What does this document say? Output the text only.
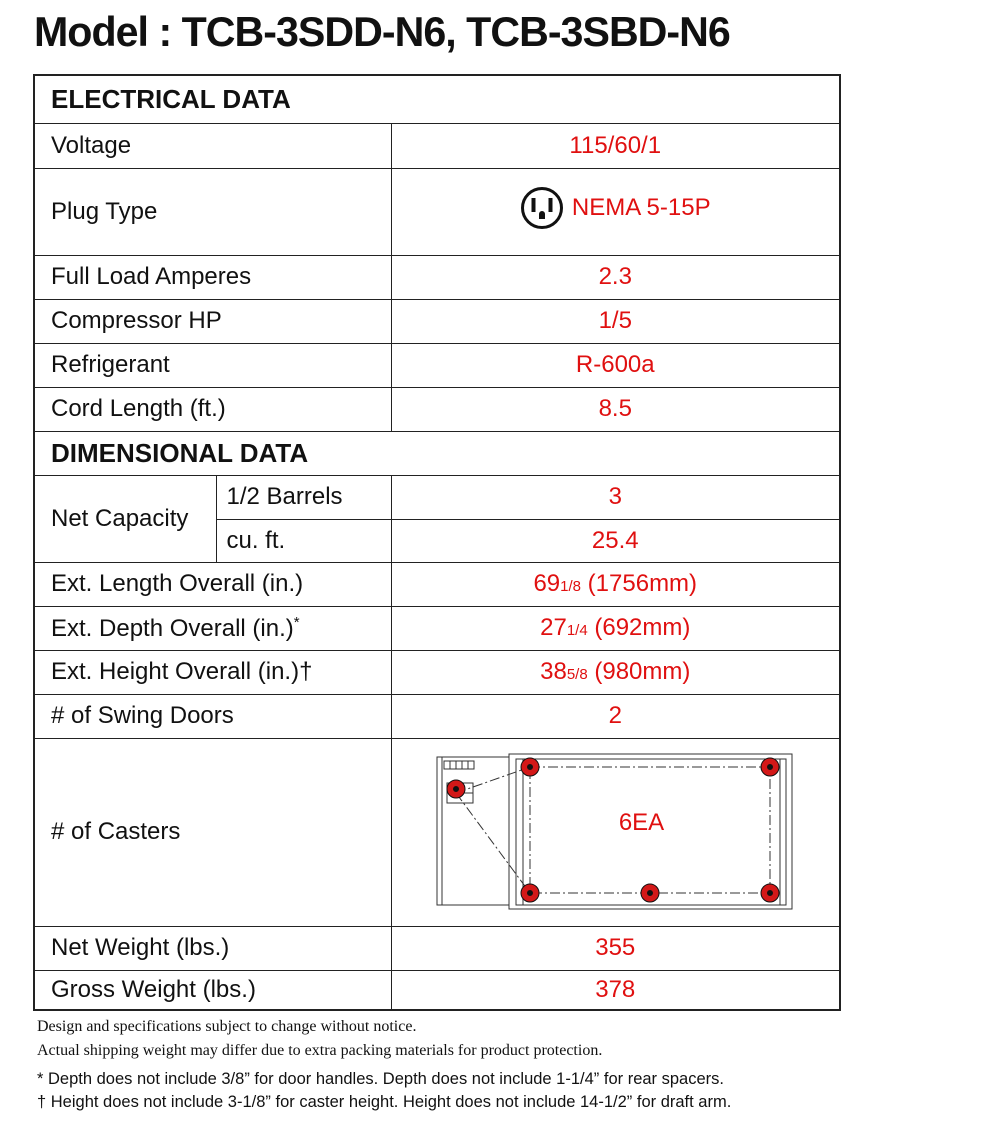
Model : TCB-3SDD-N6, TCB-3SBD-N6
ELECTRICAL DATA		
Voltage		115/60/1
Plug Type		NEMA 5-15P

Full Load Amperes		2.3
Compressor HP		1/5
Refrigerant		R-600a
Cord Length (ft.)		8.5
DIMENSIONAL DATA		
Net Capacity	1/2 Barrels	3
	cu. ft.	25.4
Ext. Length Overall (in.)		691/8 (1756mm)
Ext. Depth Overall (in.)*		271/4 (692mm)
Ext. Height Overall (in.)†		385/8 (980mm)
# of Swing Doors		2
# of Casters		6EA

Net Weight (lbs.)		355
Gross Weight (lbs.)		378
Design and specifications subject to change without notice.
Actual shipping weight may differ due to extra packing materials for product protection.
* Depth does not include 3/8” for door handles. Depth does not include 1-1/4” for rear spacers.
† Height does not include 3-1/8” for caster height. Height does not include 14-1/2” for draft arm.
